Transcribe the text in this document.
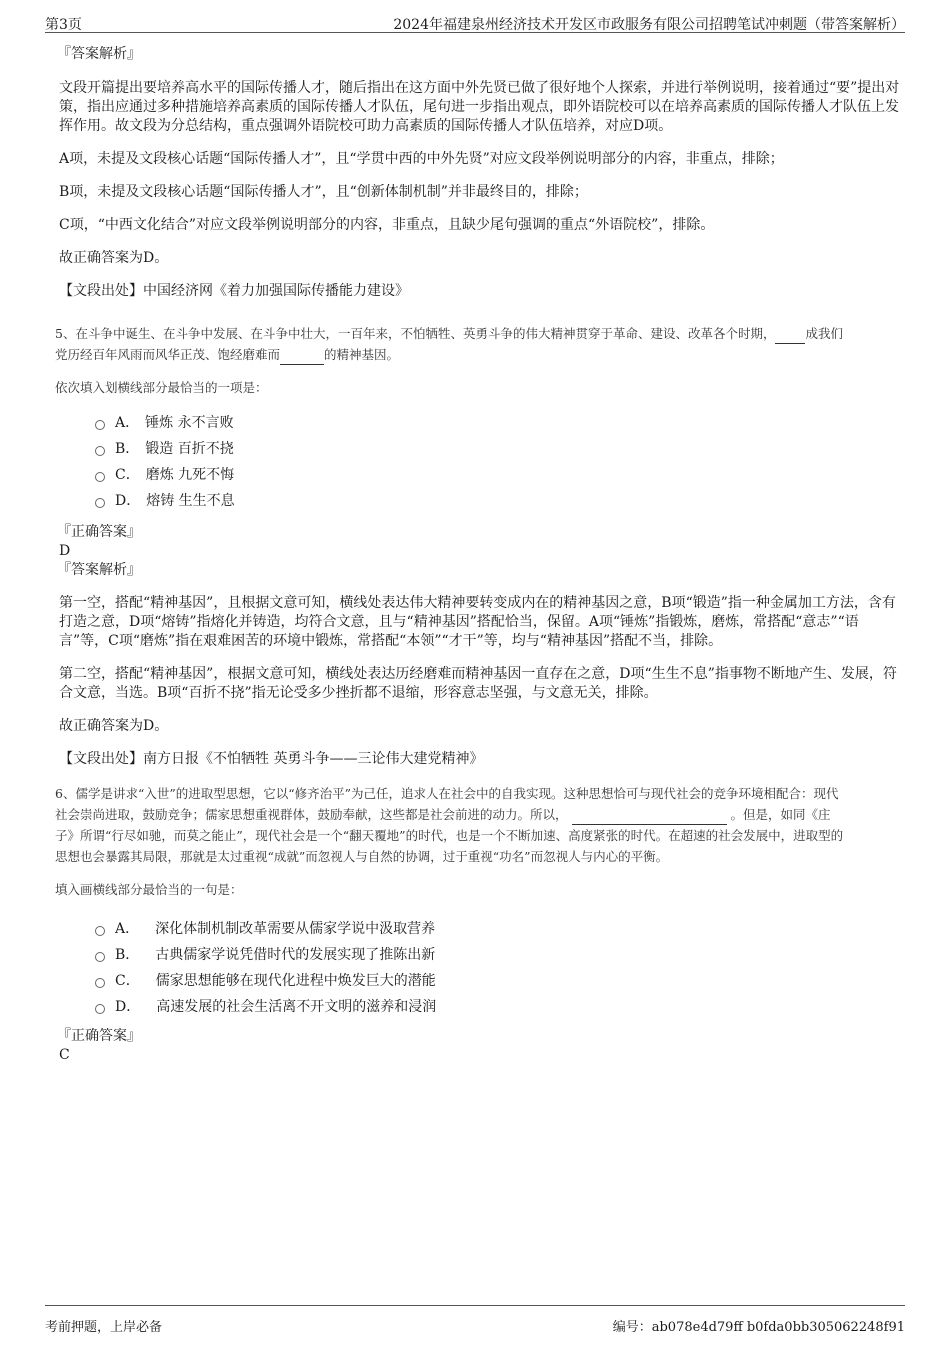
第3页	2024年福建泉州经济技术开发区市政服务有限公司招聘笔试冲刺题（带答案解析）
『答案解析』
文段开篇提出要培养高水平的国际传播人才，随后指出在这方面中外先贤已做了很好地个人探索，并进行举例说明，接着通过“要”提出对策，指出应通过多种措施培养高素质的国际传播人才队伍，尾句进一步指出观点，即外语院校可以在培养高素质的国际传播人才队伍上发挥作用。故文段为分总结构，重点强调外语院校可助力高素质的国际传播人才队伍培养，对应D项。
A项，未提及文段核心话题“国际传播人才”，且“学贯中西的中外先贤”对应文段举例说明部分的内容，非重点，排除；
B项，未提及文段核心话题“国际传播人才”，且“创新体制机制”并非最终目的，排除；
C项，“中西文化结合”对应文段举例说明部分的内容，非重点，且缺少尾句强调的重点“外语院校”，排除。
故正确答案为D。
【文段出处】中国经济网《着力加强国际传播能力建设》
5、在斗争中诞生、在斗争中发展、在斗争中壮大，一百年来，不怕牺牲、英勇斗争的伟大精神贯穿于革命、建设、改革各个时期， 成我们
党历经百年风雨而风华正茂、饱经磨难而	的精神基因。
依次填入划横线部分最恰当的一项是：
A． 锤炼 永不言败
B． 锻造 百折不挠
C． 磨炼 九死不悔
D． 熔铸 生生不息
『正确答案』
D
『答案解析』
第一空，搭配“精神基因”，且根据文意可知，横线处表达伟大精神要转变成内在的精神基因之意，B项“锻造”指一种金属加工方法，含有打造之意，D项“熔铸”指熔化并铸造，均符合文意，且与“精神基因”搭配恰当，保留。A项“锤炼”指锻炼，磨炼，常搭配“意志”“语言”等，C项“磨炼”指在艰难困苦的环境中锻炼，常搭配“本领”“才干”等，均与“精神基因”搭配不当，排除。
第二空，搭配“精神基因”，根据文意可知，横线处表达历经磨难而精神基因一直存在之意，D项“生生不息”指事物不断地产生、发展，符合文意，当选。B项“百折不挠”指无论受多少挫折都不退缩，形容意志坚强，与文意无关，排除。
故正确答案为D。
【文段出处】南方日报《不怕牺牲 英勇斗争——三论伟大建党精神》
6、儒学是讲求“入世”的进取型思想，它以“修齐治平”为己任，追求人在社会中的自我实现。这种思想恰可与现代社会的竞争环境相配合：现代
社会崇尚进取，鼓励竞争；儒家思想重视群体，鼓励奉献，这些都是社会前进的动力。所以，	。但是，如同《庄
子》所谓“行尽如驰，而莫之能止”，现代社会是一个“翻天覆地”的时代，也是一个不断加速、高度紧张的时代。在超速的社会发展中，进取型的
思想也会暴露其局限，那就是太过重视“成就”而忽视人与自然的协调，过于重视“功名”而忽视人与内心的平衡。
填入画横线部分最恰当的一句是：
A． 深化体制机制改革需要从儒家学说中汲取营养
B． 古典儒家学说凭借时代的发展实现了推陈出新
C． 儒家思想能够在现代化进程中焕发巨大的潜能
D． 高速发展的社会生活离不开文明的滋养和浸润
『正确答案』
C
考前押题，上岸必备	编号：ab078e4d79ff b0fda0bb305062248f91
